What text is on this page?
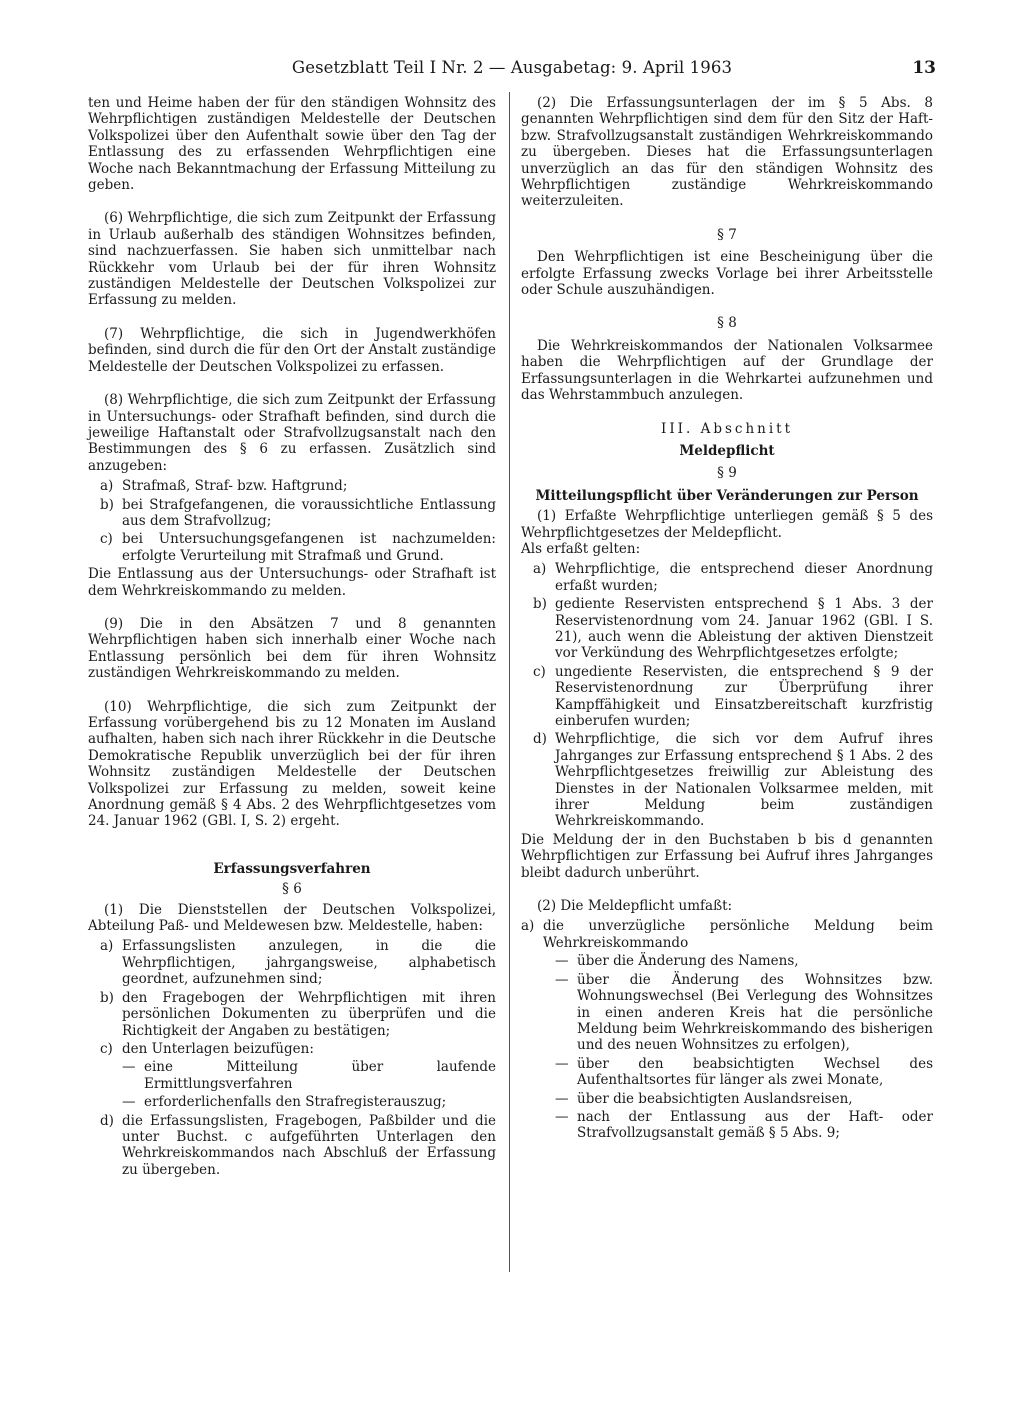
Gesetzblatt Teil I Nr. 2 — Ausgabetag: 9. April 1963	13

ten und Heime haben der für den ständigen Wohnsitz des Wehrpflichtigen zuständigen Meldestelle der Deutschen Volkspolizei über den Aufenthalt sowie über den Tag der Entlassung des zu erfassenden Wehrpflichtigen eine Woche nach Bekanntmachung der Erfassung Mitteilung zu geben.

(6) Wehrpflichtige, die sich zum Zeitpunkt der Erfassung in Urlaub außerhalb des ständigen Wohnsitzes befinden, sind nachzuerfassen. Sie haben sich unmittelbar nach Rückkehr vom Urlaub bei der für ihren Wohnsitz zuständigen Meldestelle der Deutschen Volkspolizei zur Erfassung zu melden.

(7) Wehrpflichtige, die sich in Jugendwerkhöfen befinden, sind durch die für den Ort der Anstalt zuständige Meldestelle der Deutschen Volkspolizei zu erfassen.

(8) Wehrpflichtige, die sich zum Zeitpunkt der Erfassung in Untersuchungs- oder Strafhaft befinden, sind durch die jeweilige Haftanstalt oder Strafvollzugsanstalt nach den Bestimmungen des § 6 zu erfassen. Zusätzlich sind anzugeben:

a) Strafmaß, Straf- bzw. Haftgrund;
b) bei Strafgefangenen, die voraussichtliche Entlassung aus dem Strafvollzug;
c) bei Untersuchungsgefangenen ist nachzumelden: erfolgte Verurteilung mit Strafmaß und Grund.

Die Entlassung aus der Untersuchungs- oder Strafhaft ist dem Wehrkreiskommando zu melden.

(9) Die in den Absätzen 7 und 8 genannten Wehrpflichtigen haben sich innerhalb einer Woche nach Entlassung persönlich bei dem für ihren Wohnsitz zuständigen Wehrkreiskommando zu melden.

(10) Wehrpflichtige, die sich zum Zeitpunkt der Erfassung vorübergehend bis zu 12 Monaten im Ausland aufhalten, haben sich nach ihrer Rückkehr in die Deutsche Demokratische Republik unverzüglich bei der für ihren Wohnsitz zuständigen Meldestelle der Deutschen Volkspolizei zur Erfassung zu melden, soweit keine Anordnung gemäß § 4 Abs. 2 des Wehrpflichtgesetzes vom 24. Januar 1962 (GBl. I, S. 2) ergeht.

Erfassungsverfahren
§ 6

(1) Die Dienststellen der Deutschen Volkspolizei, Abteilung Paß- und Meldewesen bzw. Meldestelle, haben:

a) Erfassungslisten anzulegen, in die die Wehrpflichtigen, jahrgangsweise, alphabetisch geordnet, aufzunehmen sind;
b) den Fragebogen der Wehrpflichtigen mit ihren persönlichen Dokumenten zu überprüfen und die Richtigkeit der Angaben zu bestätigen;
c) den Unterlagen beizufügen:
— eine Mitteilung über laufende Ermittlungsverfahren
— erforderlichenfalls den Strafregisterauszug;
d) die Erfassungslisten, Fragebogen, Paßbilder und die unter Buchst. c aufgeführten Unterlagen den Wehrkreiskommandos nach Abschluß der Erfassung zu übergeben.

(2) Die Erfassungsunterlagen der im § 5 Abs. 8 genannten Wehrpflichtigen sind dem für den Sitz der Haft- bzw. Strafvollzugsanstalt zuständigen Wehrkreiskommando zu übergeben. Dieses hat die Erfassungsunterlagen unverzüglich an das für den ständigen Wohnsitz des Wehrpflichtigen zuständige Wehrkreiskommando weiterzuleiten.

§ 7

Den Wehrpflichtigen ist eine Bescheinigung über die erfolgte Erfassung zwecks Vorlage bei ihrer Arbeitsstelle oder Schule auszuhändigen.

§ 8

Die Wehrkreiskommandos der Nationalen Volksarmee haben die Wehrpflichtigen auf der Grundlage der Erfassungsunterlagen in die Wehrkartei aufzunehmen und das Wehrstammbuch anzulegen.

III. Abschnitt
Meldepflicht
§ 9
Mitteilungspflicht über Veränderungen zur Person

(1) Erfaßte Wehrpflichtige unterliegen gemäß § 5 des Wehrpflichtgesetzes der Meldepflicht.

Als erfaßt gelten:

a) Wehrpflichtige, die entsprechend dieser Anordnung erfaßt wurden;
b) gediente Reservisten entsprechend § 1 Abs. 3 der Reservistenordnung vom 24. Januar 1962 (GBl. I S. 21), auch wenn die Ableistung der aktiven Dienstzeit vor Verkündung des Wehrpflichtgesetzes erfolgte;
c) ungediente Reservisten, die entsprechend § 9 der Reservistenordnung zur Überprüfung ihrer Kampffähigkeit und Einsatzbereitschaft kurzfristig einberufen wurden;
d) Wehrpflichtige, die sich vor dem Aufruf ihres Jahrganges zur Erfassung entsprechend § 1 Abs. 2 des Wehrpflichtgesetzes freiwillig zur Ableistung des Dienstes in der Nationalen Volksarmee melden, mit ihrer Meldung beim zuständigen Wehrkreiskommando.

Die Meldung der in den Buchstaben b bis d genannten Wehrpflichtigen zur Erfassung bei Aufruf ihres Jahrganges bleibt dadurch unberührt.

(2) Die Meldepflicht umfaßt:

a) die unverzügliche persönliche Meldung beim Wehrkreiskommando
— über die Änderung des Namens,
— über die Änderung des Wohnsitzes bzw. Wohnungswechsel (Bei Verlegung des Wohnsitzes in einen anderen Kreis hat die persönliche Meldung beim Wehrkreiskommando des bisherigen und des neuen Wohnsitzes zu erfolgen),
— über den beabsichtigten Wechsel des Aufenthaltsortes für länger als zwei Monate,
— über die beabsichtigten Auslandsreisen,
— nach der Entlassung aus der Haft- oder Strafvollzugsanstalt gemäß § 5 Abs. 9;
